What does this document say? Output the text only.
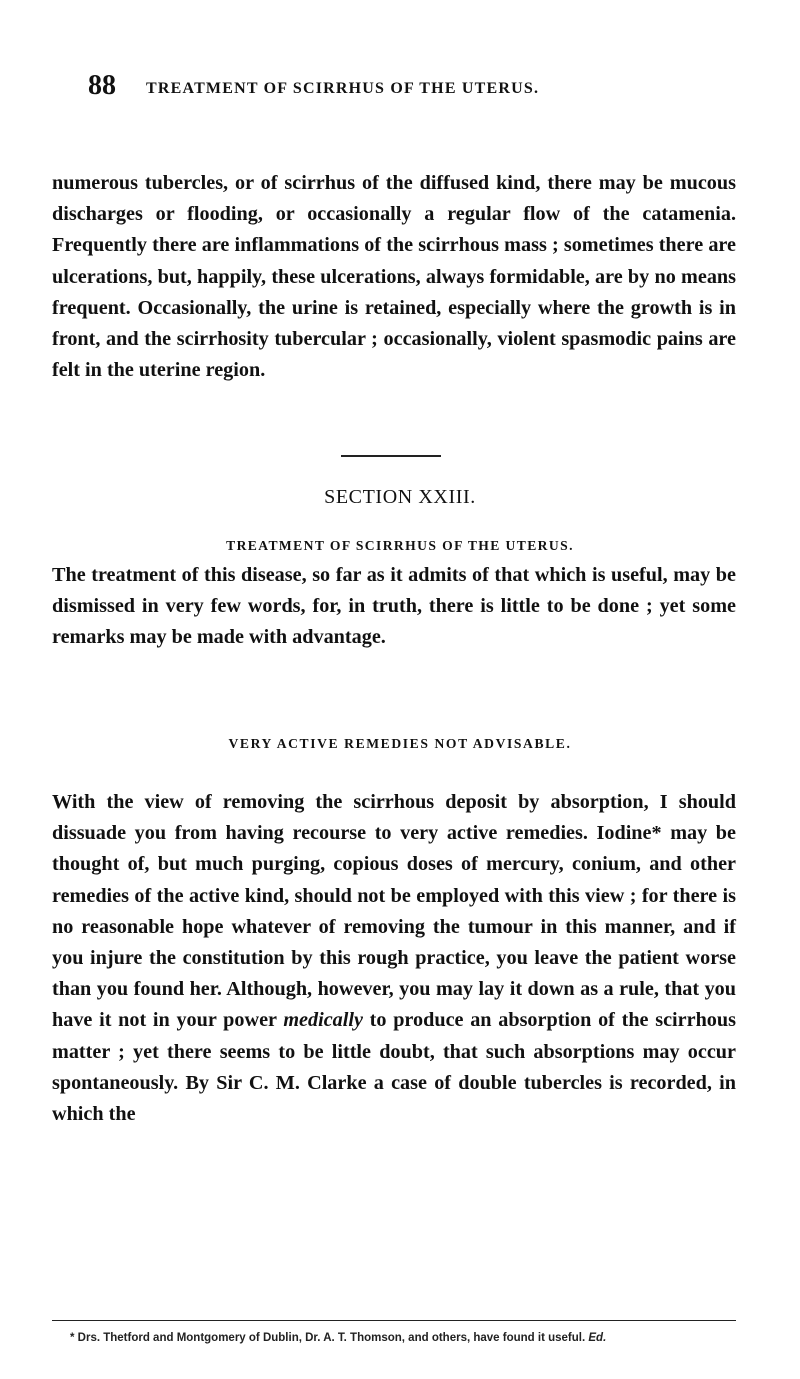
88 TREATMENT OF SCIRRHUS OF THE UTERUS.

numerous tubercles, or of scirrhus of the diffused kind, there may be mucous discharges or flooding, or occasionally a regular flow of the catamenia. Frequently there are inflammations of the scirrhous mass ; sometimes there are ulcerations, but, happily, these ulcerations, always formidable, are by no means frequent. Occasionally, the urine is retained, especially where the growth is in front, and the scirrhosity tubercular ; occasionally, violent spasmodic pains are felt in the uterine region.

SECTION XXIII.
TREATMENT OF SCIRRHUS OF THE UTERUS.

The treatment of this disease, so far as it admits of that which is useful, may be dismissed in very few words, for, in truth, there is little to be done ; yet some remarks may be made with advantage.

VERY ACTIVE REMEDIES NOT ADVISABLE.

With the view of removing the scirrhous deposit by absorption, I should dissuade you from having recourse to very active remedies. Iodine* may be thought of, but much purging, copious doses of mercury, conium, and other remedies of the active kind, should not be employed with this view ; for there is no reasonable hope whatever of removing the tumour in this manner, and if you injure the constitution by this rough practice, you leave the patient worse than you found her. Although, however, you may lay it down as a rule, that you have it not in your power medically to produce an absorption of the scirrhous matter ; yet there seems to be little doubt, that such absorptions may occur spontaneously. By Sir C. M. Clarke a case of double tubercles is recorded, in which the

* Drs. Thetford and Montgomery of Dublin, Dr. A. T. Thomson, and others, have found it useful. Ed.
